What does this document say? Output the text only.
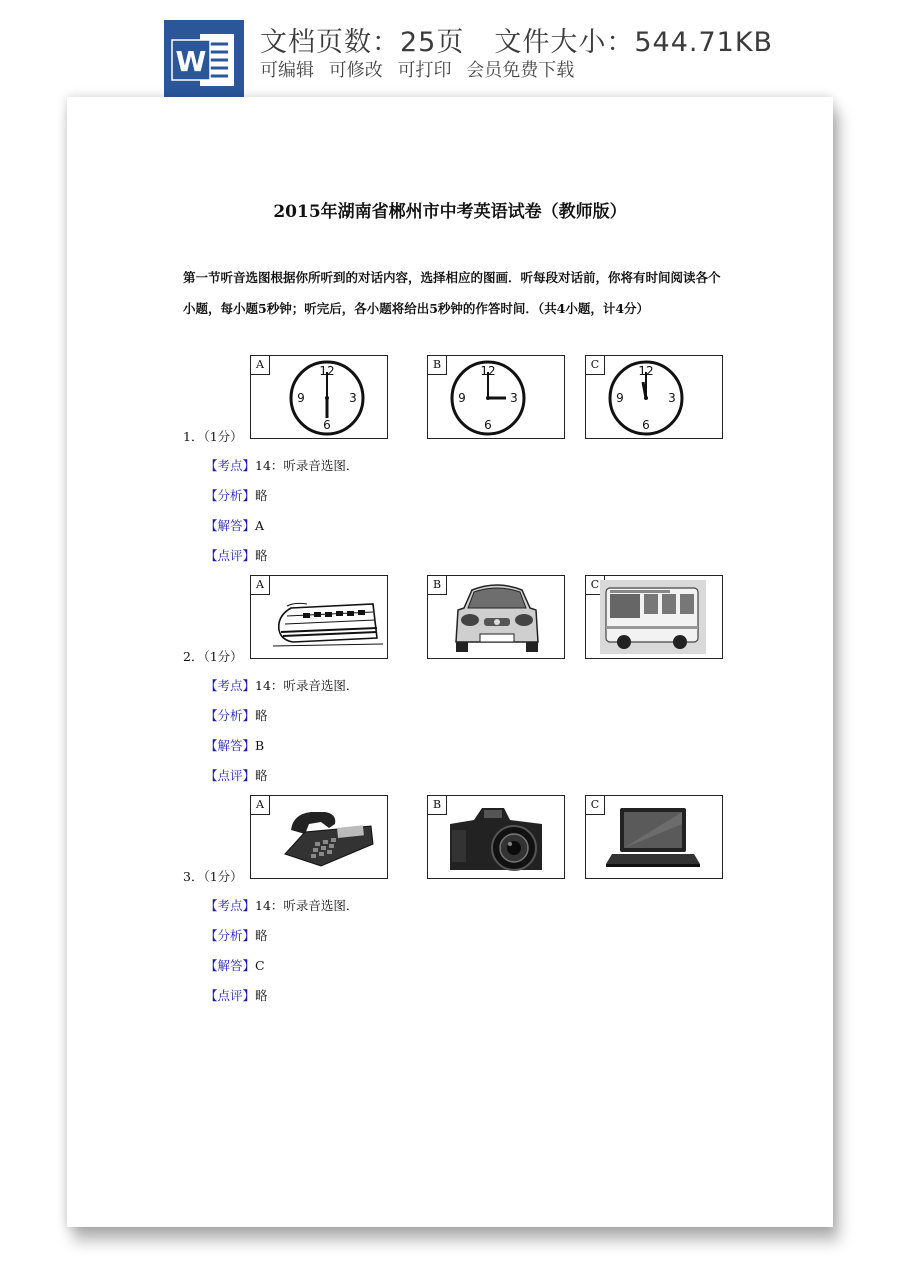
W
文档页数：25页 文件大小：544.71KB
可编辑 可修改 可打印 会员免费下载
2015年湖南省郴州市中考英语试卷（教师版）
第一节听音选图根据你所听到的对话内容，选择相应的图画．听每段对话前，你将有时间阅读各个小题，每小题5秒钟；听完后，各小题将给出5秒钟的作答时间．（共4小题，计4分）
A	12
3
6
9
B	12
3
6
9
C	12
3
6
9
1．（1分）
【考点】14：听录音选图．
【分析】略
【解答】A
【点评】略
A	B	C
2．（1分）
【考点】14：听录音选图．
【分析】略
【解答】B
【点评】略
A	B	C
3．（1分）
【考点】14：听录音选图．
【分析】略
【解答】C
【点评】略
